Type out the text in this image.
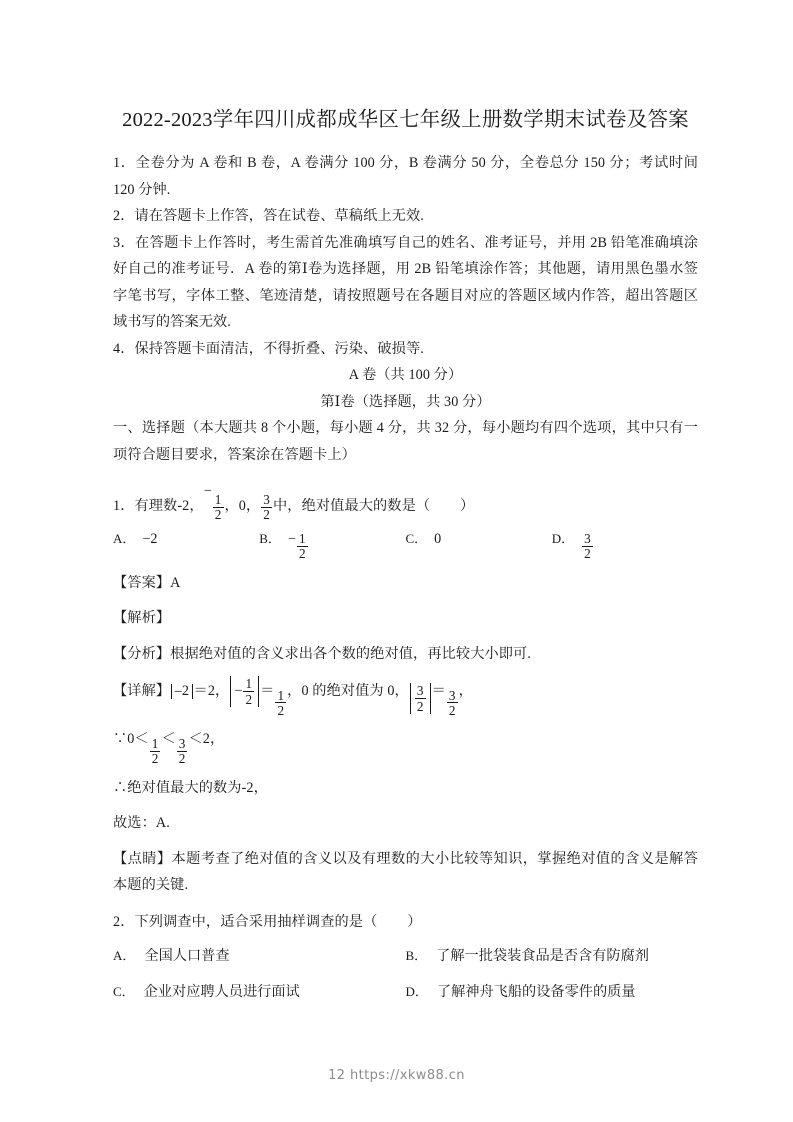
2022-2023学年四川成都成华区七年级上册数学期末试卷及答案

1．全卷分为 A 卷和 B 卷，A 卷满分 100 分，B 卷满分 50 分，全卷总分 150 分；考试时间 120 分钟.

2．请在答题卡上作答，答在试卷、草稿纸上无效.

3．在答题卡上作答时，考生需首先准确填写自己的姓名、准考证号，并用 2B 铅笔准确填涂好自己的准考证号．A 卷的第Ⅰ卷为选择题，用 2B 铅笔填涂作答；其他题，请用黑色墨水签字笔书写，字体工整、笔迹清楚，请按照题号在各题目对应的答题区域内作答，超出答题区域书写的答案无效.

4．保持答题卡面清洁，不得折叠、污染、破损等.

A 卷（共 100 分）

第Ⅰ卷（选择题，共 30 分）

一、选择题（本大题共 8 个小题，每小题 4 分，共 32 分，每小题均有四个选项，其中只有一项符合题目要求，答案涂在答题卡上）

1．有理数-2，−
$\frac{1}{2}$ ，0， $\frac{3}{2}$ 中，绝对值最大的数是（ ）

A． −2	B． − $\frac{1}{2}$	C． 0	D． $\frac{3}{2}$

【答案】A

【解析】

【分析】根据绝对值的含义求出各个数的绝对值，再比较大小即可.

【详解】 –2 ＝2， − $\frac{1}{2} = \frac{1}{2}$ ，0 的绝对值为 0， $\frac{3}{2} = \frac{3}{2}$ ，

∵0＜ $\frac{1}{2} < \frac{3}{2} <2$，

∴绝对值最大的数为-2，

故选：A.

【点睛】本题考查了绝对值的含义以及有理数的大小比较等知识，掌握绝对值的含义是解答本题的关键.

2．下列调查中，适合采用抽样调查的是（ ）

A． 全国人口普查	B． 了解一批袋装食品是否含有防腐剂
C． 企业对应聘人员进行面试	D． 了解神舟飞船的设备零件的质量
12 https://xkw88.cn
